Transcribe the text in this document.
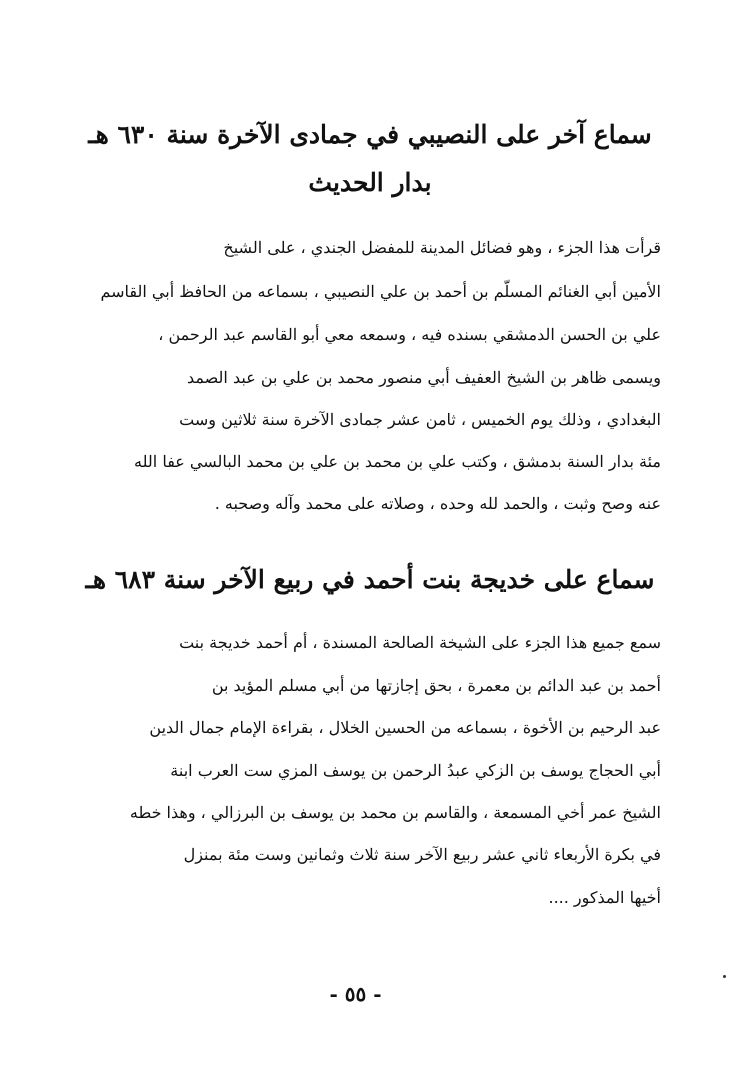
سماع آخر على النصيبي في جمادى الآخرة سنة ٦٣٠ هـ
بدار الحديث
قرأت هذا الجزء ، وهو فضائل المدينة للمفضل الجندي ، على الشيخ
الأمين أبي الغنائم المسلّم بن أحمد بن علي النصيبي ، بسماعه من الحافظ أبي القاسم
علي بن الحسن الدمشقي بسنده فيه ، وسمعه معي أبو القاسم عبد الرحمن ،
ويسمى ظاهر بن الشيخ العفيف أبي منصور محمد بن علي بن عبد الصمد
البغدادي ، وذلك يوم الخميس ، ثامن عشر جمادى الآخرة سنة ثلاثين وست
مئة بدار السنة بدمشق ، وكتب علي بن محمد بن علي بن محمد البالسي عفا الله
عنه وصح وثبت ، والحمد لله وحده ، وصلاته على محمد وآله وصحبه .
سماع على خديجة بنت أحمد في ربيع الآخر سنة ٦٨٣ هـ
سمع جميع هذا الجزء على الشيخة الصالحة المسندة ، أم أحمد خديجة بنت
أحمد بن عبد الدائم بن معمرة ، بحق إجازتها من أبي مسلم المؤيد بن
عبد الرحيم بن الأخوة ، بسماعه من الحسين الخلال ، بقراءة الإمام جمال الدين
أبي الحجاج يوسف بن الزكي عبدُ الرحمن بن يوسف المزي ست العرب ابنة
الشيخ عمر أخي المسمعة ، والقاسم بن محمد بن يوسف بن البرزالي ، وهذا خطه
في بكرة الأربعاء ثاني عشر ربيع الآخر سنة ثلاث وثمانين وست مئة بمنزل
أخيها المذكور ....
- ٥٥ -
